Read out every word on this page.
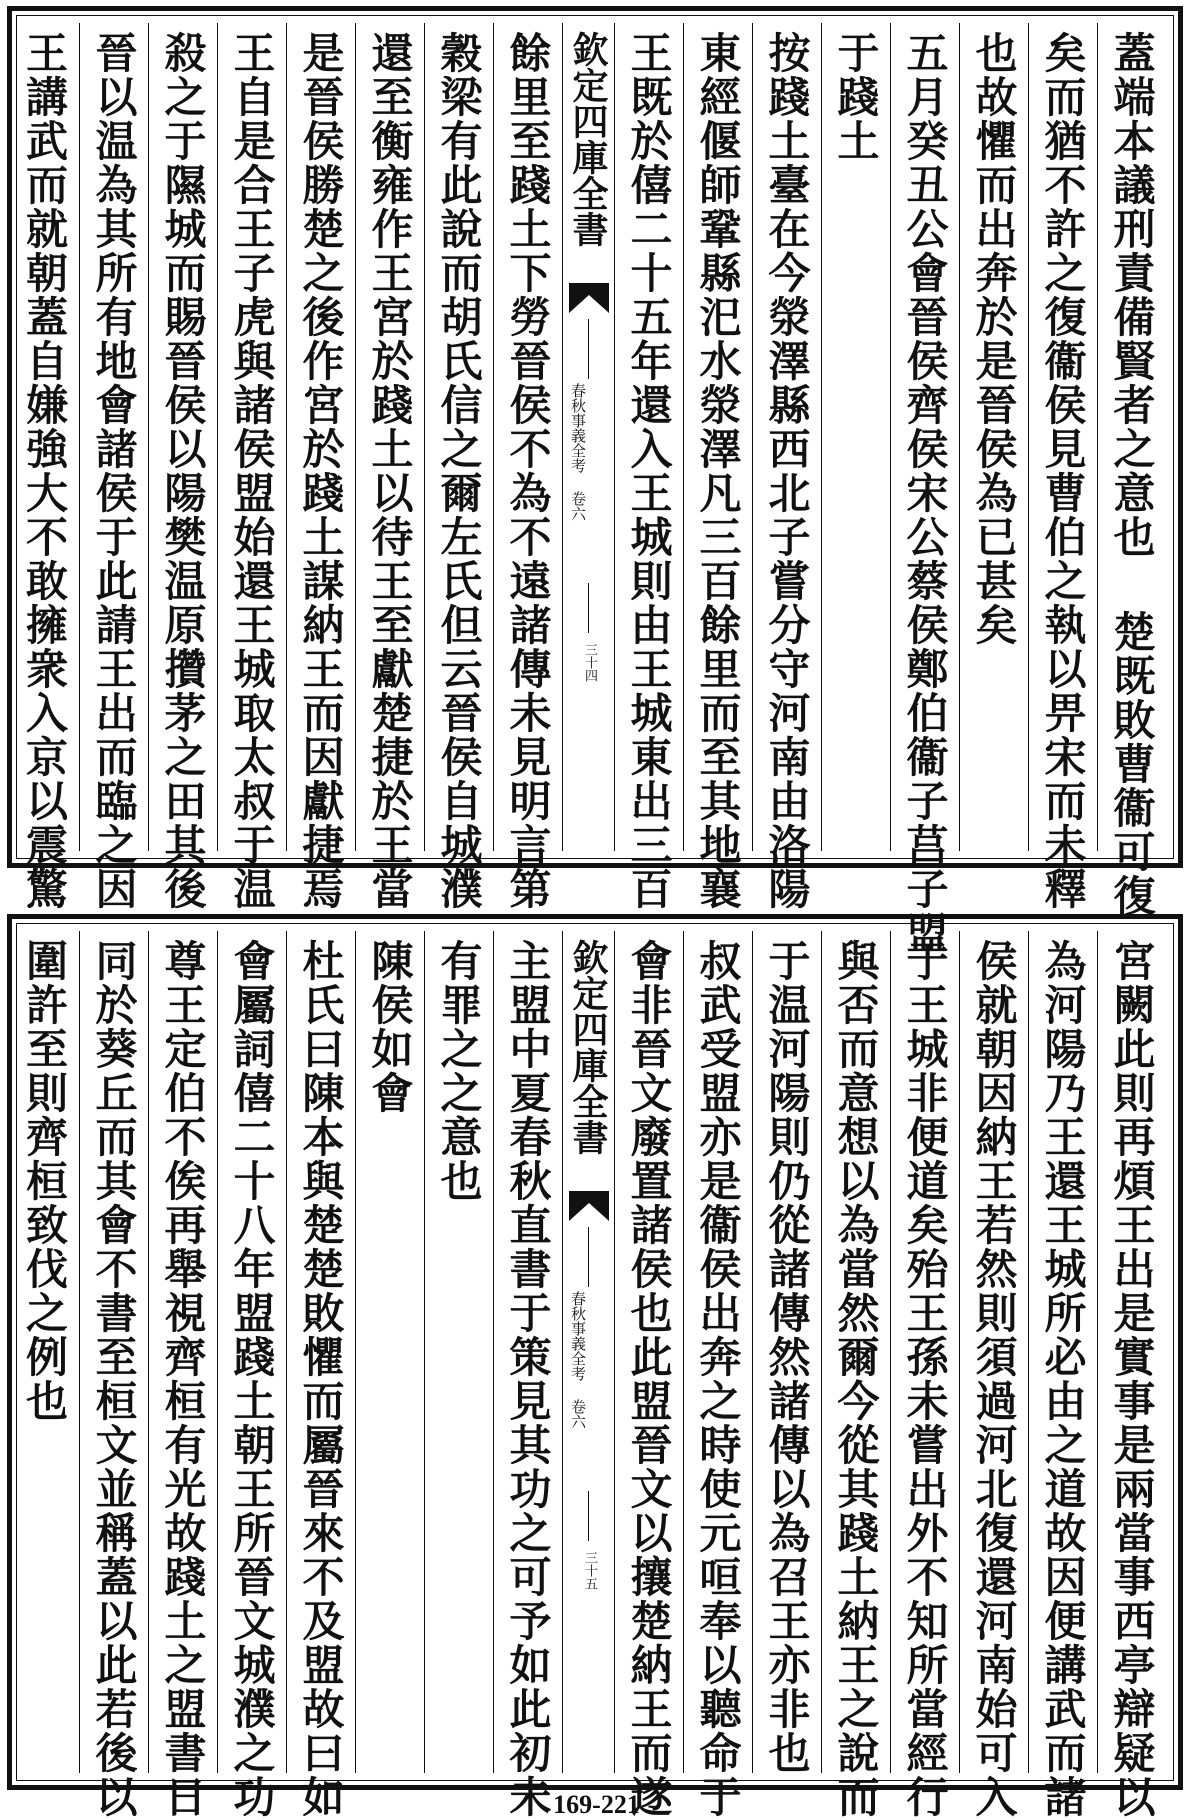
蓋端本議刑責備賢者之意也 楚既敗曹衞可復
矣而猶不許之復衞侯見曹伯之執以畀宋而未釋
也故懼而出奔於是晉侯為已甚矣
五月癸丑公會晉侯齊侯宋公蔡侯鄭伯衞子莒子盟
于踐土
按踐土臺在今滎澤縣西北子嘗分守河南由洛陽
東經偃師鞏縣汜水滎澤凡三百餘里而至其地襄
王既於僖二十五年還入王城則由王城東出三百
欽定四庫全書
春秋事義全考 卷六
三十四
餘里至踐土下勞晉侯不為不遠諸傳未見明言第
穀梁有此說而胡氏信之爾左氏但云晉侯自城濮
還至衡雍作王宮於踐土以待王至獻楚捷於王當
是晉侯勝楚之後作宮於踐土謀納王而因獻捷焉
王自是合王子虎與諸侯盟始還王城取太叔于温
殺之于隰城而賜晉侯以陽樊温原攢茅之田其後
晉以温為其所有地會諸侯于此請王出而臨之因
王講武而就朝蓋自嫌強大不敢擁衆入京以震驚
宮闕此則再煩王出是實事是兩當事西亭辯疑以
為河陽乃王還王城所必由之道故因便講武而諸
侯就朝因納王若然則須過河北復還河南始可入
于王城非便道矣殆王孫未嘗出外不知所當經行
與否而意想以為當然爾今從其踐土納王之說而
于温河陽則仍從諸傳然諸傳以為召王亦非也
叔武受盟亦是衞侯出奔之時使元咺奉以聽命于
會非晉文廢置諸侯也此盟晉文以攘楚納王而遂
欽定四庫全書
春秋事義全考 卷六
三十五
主盟中夏春秋直書于策見其功之可予如此初未
有罪之之意也
陳侯如會
杜氏曰陳本與楚楚敗懼而屬晉來不及盟故曰如
會屬詞僖二十八年盟踐土朝王所晉文城濮之功
尊王定伯不俟再舉視齊桓有光故踐土之盟書日
同於葵丘而其會不書至桓文並稱蓋以此若後以
圍許至則齊桓致伐之例也
169-221
